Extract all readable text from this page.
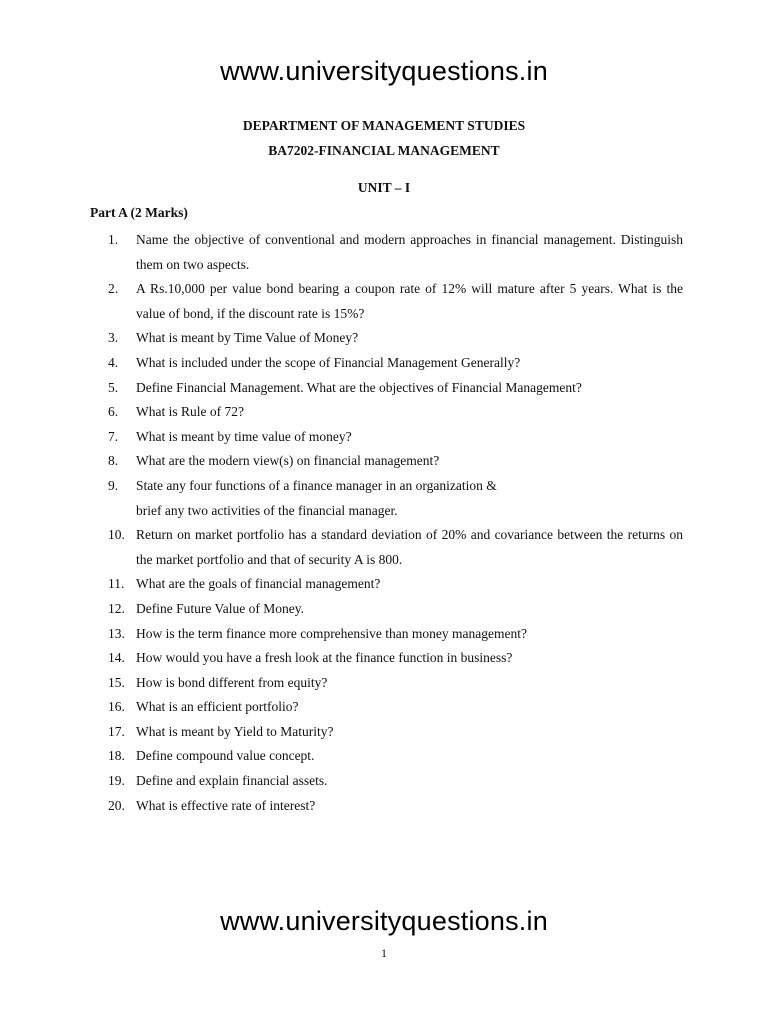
www.universityquestions.in
DEPARTMENT OF MANAGEMENT STUDIES
BA7202-FINANCIAL MANAGEMENT
UNIT – I
Part A (2 Marks)
1.	Name the objective of conventional and modern approaches in financial management. Distinguish them on two aspects.
2.	A Rs.10,000 per value bond bearing a coupon rate of 12% will mature after 5 years. What is the value of bond, if the discount rate is 15%?
3.	What is meant by Time Value of Money?
4.	What is included under the scope of Financial Management Generally?
5.	Define Financial Management. What are the objectives of Financial Management?
6.	What is Rule of 72?
7.	What is meant by time value of money?
8.	What are the modern view(s) on financial management?
9.	State any four functions of a finance manager in an organization &
brief any two activities of the financial manager.
10. Return on market portfolio has a standard deviation of 20% and covariance between the returns on the market portfolio and that of security A is 800.
11. What are the goals of financial management?
12. Define Future Value of Money.
13. How is the term finance more comprehensive than money management?
14. How would you have a fresh look at the finance function in business?
15. How is bond different from equity?
16. What is an efficient portfolio?
17. What is meant by Yield to Maturity?
18. Define compound value concept.
19. Define and explain financial assets.
20. What is effective rate of interest?
www.universityquestions.in
1
